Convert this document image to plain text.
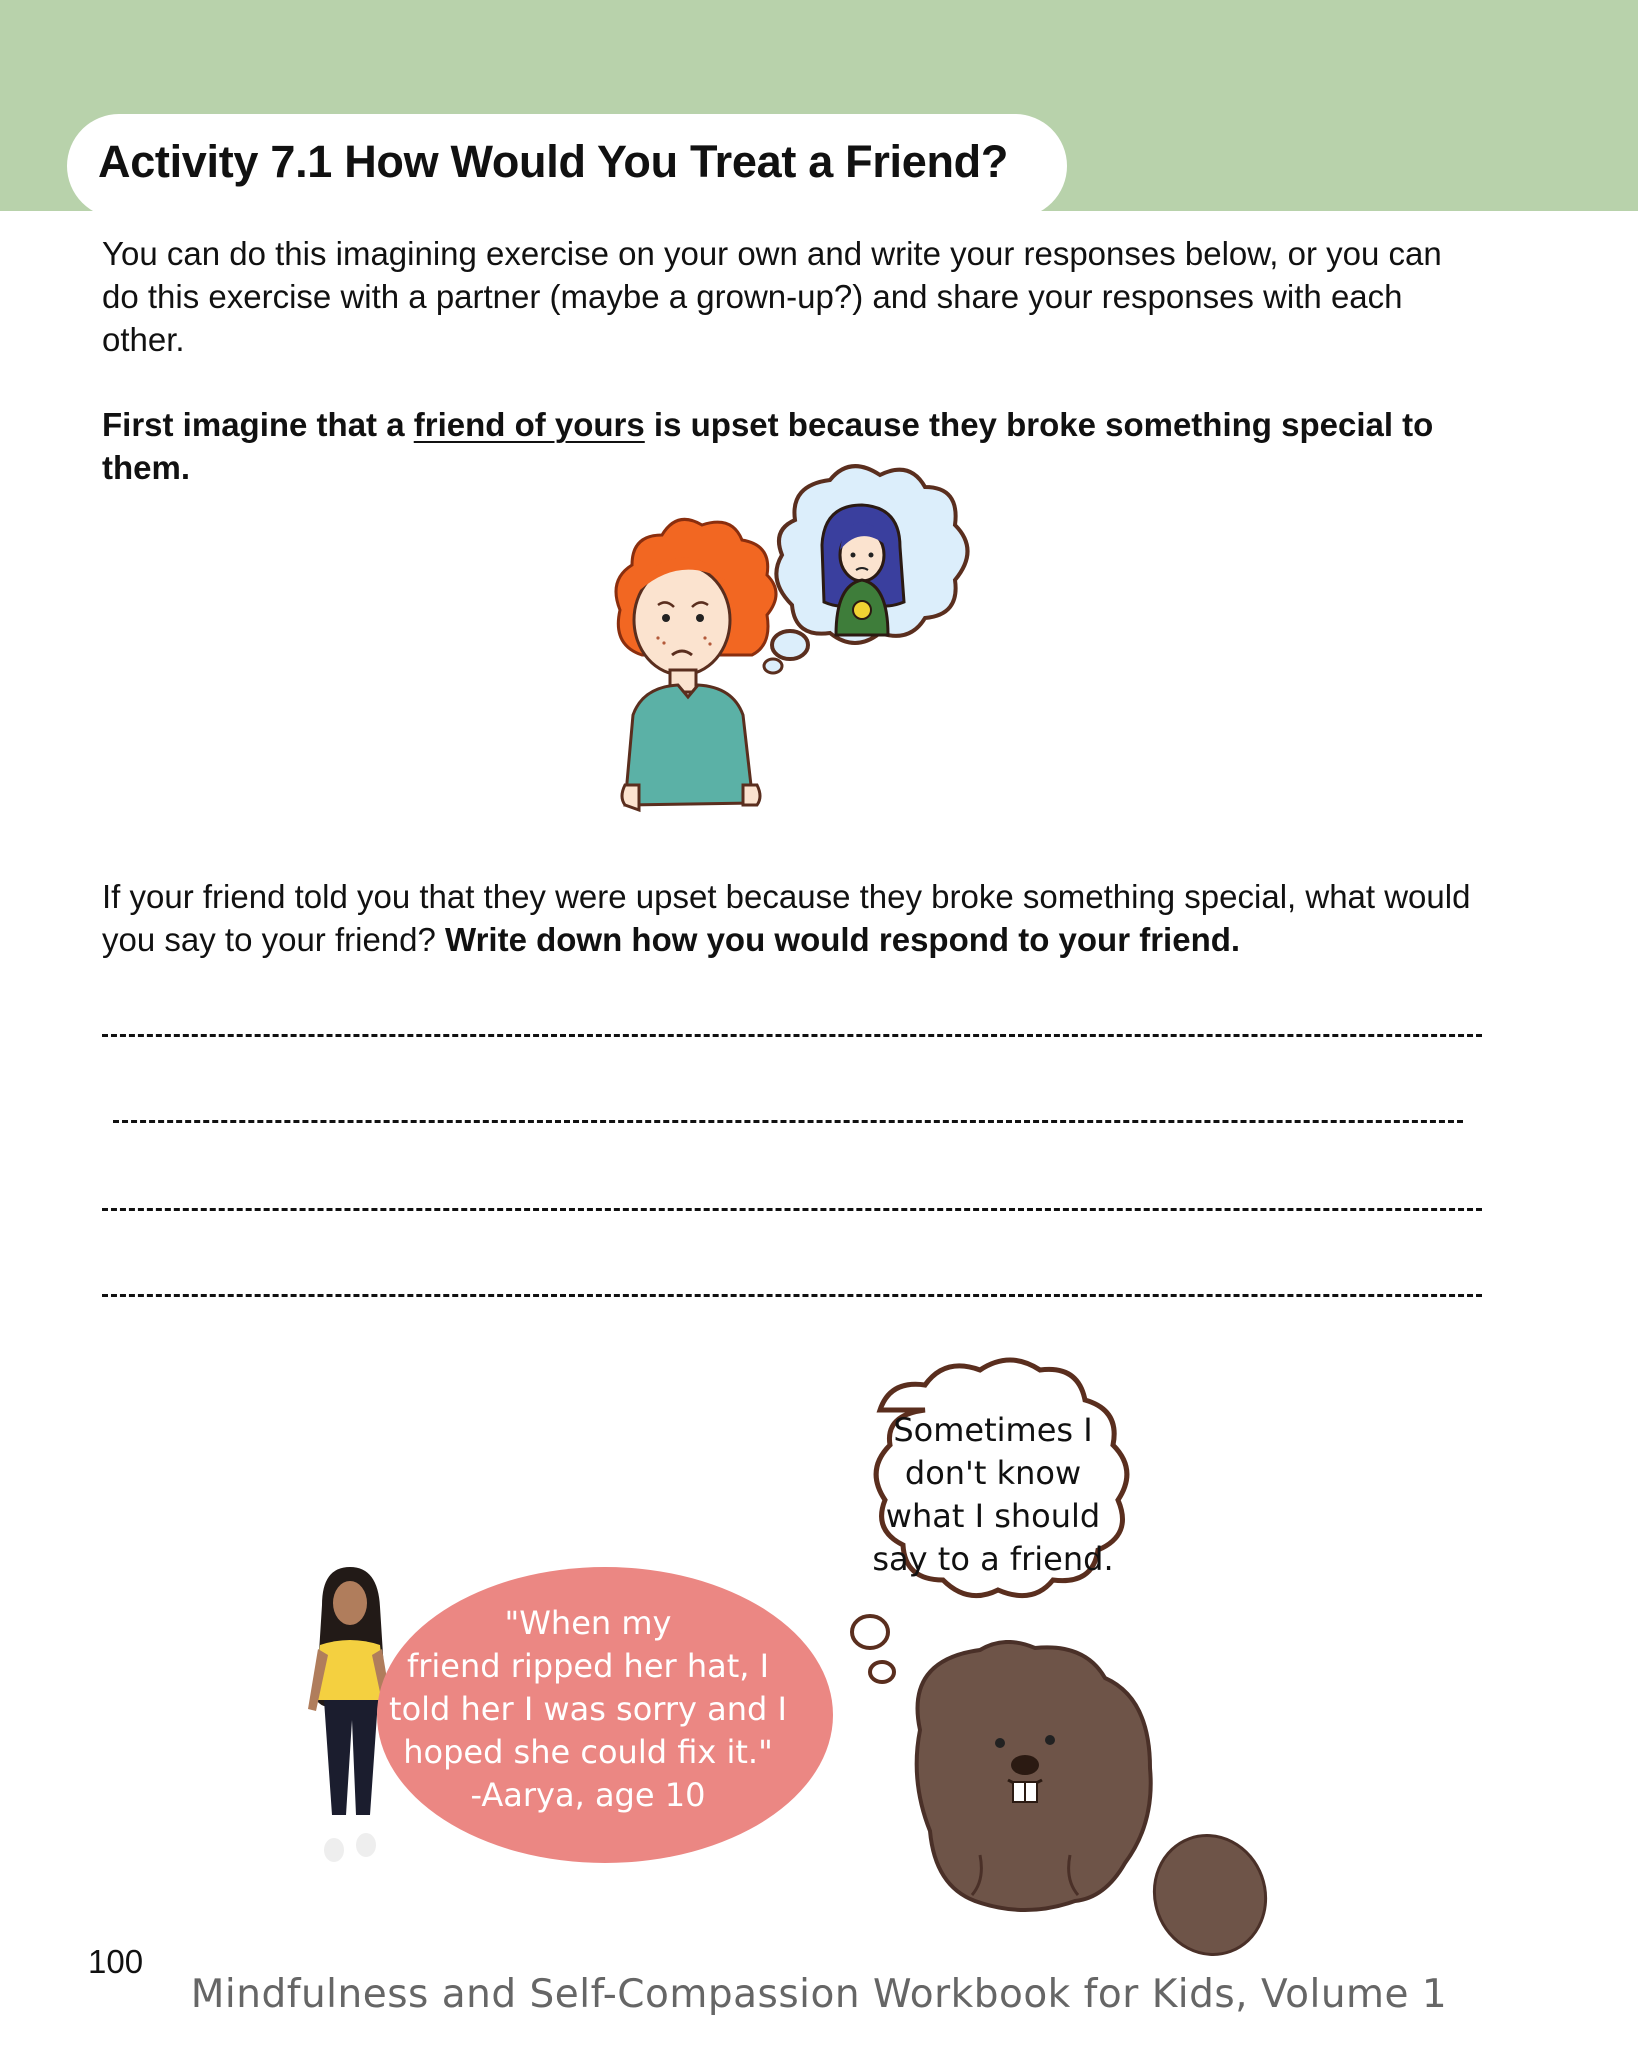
Activity 7.1 How Would You Treat a Friend?

You can do this imagining exercise on your own and write your responses below, or you can do this exercise with a partner (maybe a grown-up?) and share your responses with each other.

First imagine that a friend of yours is upset because they broke something special to them.

If your friend told you that they were upset because they broke something special, what would you say to your friend? Write down how you would respond to your friend.

"When my
friend ripped her hat, I
told her I was sorry and I
hoped she could fix it."
-Aarya, age 10

Sometimes I
don't know
what I should
say to a friend.

100

Mindfulness and Self-Compassion Workbook for Kids, Volume 1
